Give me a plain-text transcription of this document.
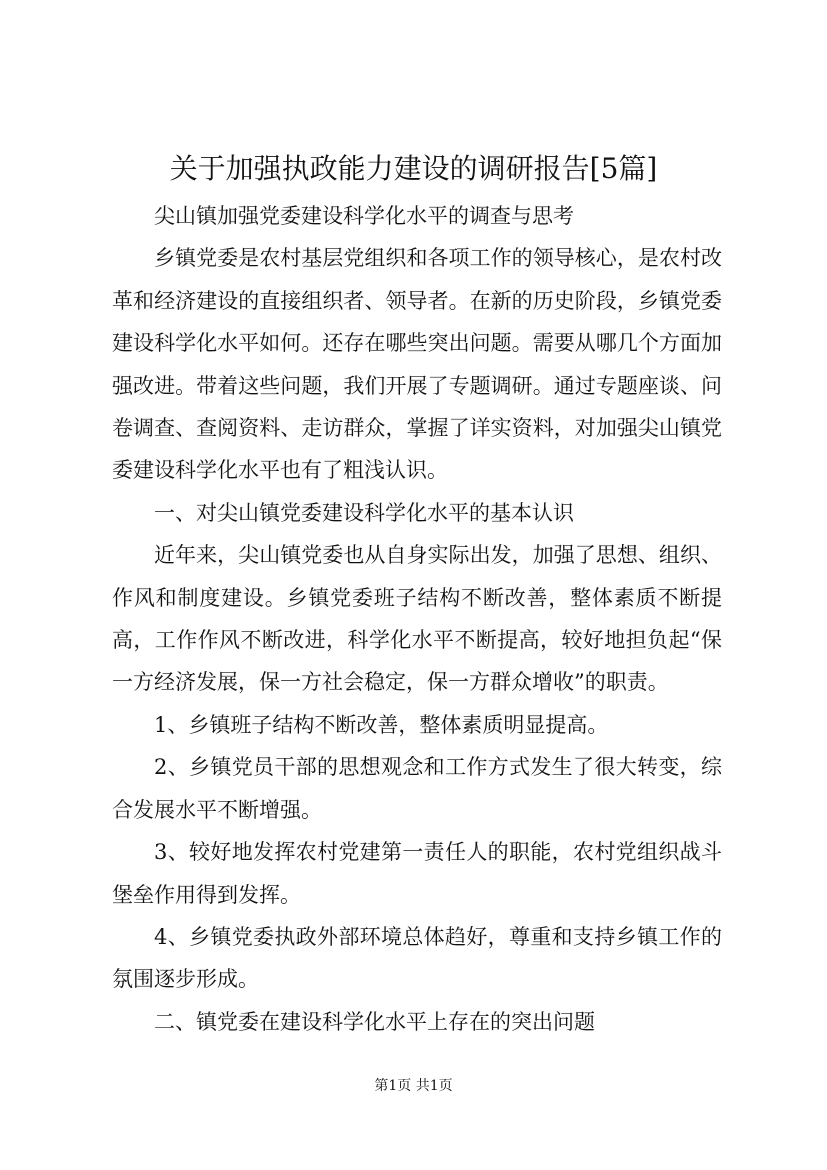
关于加强执政能力建设的调研报告[5篇]

尖山镇加强党委建设科学化水平的调查与思考

乡镇党委是农村基层党组织和各项工作的领导核心，是农村改革和经济建设的直接组织者、领导者。在新的历史阶段，乡镇党委建设科学化水平如何。还存在哪些突出问题。需要从哪几个方面加强改进。带着这些问题，我们开展了专题调研。通过专题座谈、问卷调查、查阅资料、走访群众，掌握了详实资料，对加强尖山镇党委建设科学化水平也有了粗浅认识。

一、对尖山镇党委建设科学化水平的基本认识

近年来，尖山镇党委也从自身实际出发，加强了思想、组织、作风和制度建设。乡镇党委班子结构不断改善，整体素质不断提高，工作作风不断改进，科学化水平不断提高，较好地担负起“保一方经济发展，保一方社会稳定，保一方群众增收”的职责。

1、乡镇班子结构不断改善，整体素质明显提高。

2、乡镇党员干部的思想观念和工作方式发生了很大转变，综合发展水平不断增强。

3、较好地发挥农村党建第一责任人的职能，农村党组织战斗堡垒作用得到发挥。

4、乡镇党委执政外部环境总体趋好，尊重和支持乡镇工作的氛围逐步形成。

二、镇党委在建设科学化水平上存在的突出问题

第1页 共1页
